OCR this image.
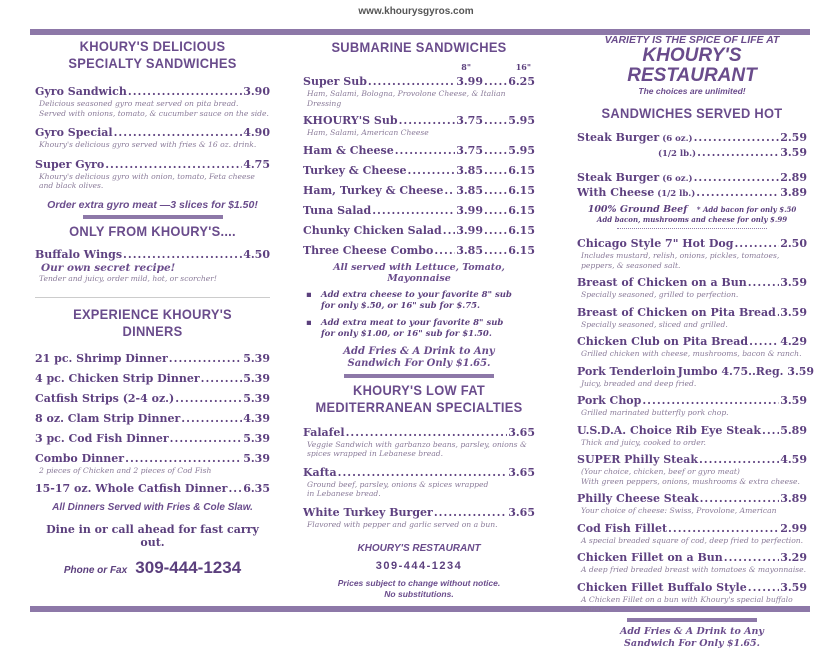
www.khourysgyros.com
KHOURY'S DELICIOUS
SPECIALTY SANDWICHES
Gyro Sandwich .....	3.90
Delicious seasoned gyro meat served on pita bread.
Served with onions, tomato, & cucumber sauce on the side.
Gyro Special .....	4.90
Khoury's delicious gyro served with fries & 16 oz. drink.
Super Gyro .....	4.75
Khoury's delicious gyro with onion, tomato, Feta cheese
and black olives.
Order extra gyro meat —3 slices for $1.50!
ONLY FROM KHOURY'S....
Buffalo Wings .....	4.50
Our own secret recipe!
Tender and juicy, order mild, hot, or scorcher!
EXPERIENCE KHOURY'S DINNERS
21 pc. Shrimp Dinner .....	5.39
4 pc. Chicken Strip Dinner .....	5.39
Catfish Strips (2-4 oz.) .....	5.39
8 oz. Clam Strip Dinner .....	4.39
3 pc. Cod Fish Dinner .....	5.39
Combo Dinner .....	5.39
2 pieces of Chicken and 2 pieces of Cod Fish
15-17 oz. Whole Catfish Dinner ..... 6.35
All Dinners Served with Fries & Cole Slaw.
Dine in or call ahead for fast carry out.
Phone or Fax 309-444-1234
SUBMARINE SANDWICHES
8"	16"
Super Sub .....	3.99 ..... 6.25
Ham, Salami, Bologna, Provolone Cheese, & Italian Dressing
KHOURY'S Sub .....	3.75 ..... 5.95
Ham, Salami, American Cheese
Ham & Cheese .....	3.75 ..... 5.95
Turkey & Cheese .....	3.85 ..... 6.15
Ham, Turkey & Cheese ..... 3.85 ..... 6.15
Tuna Salad .....	3.99 ..... 6.15
Chunky Chicken Salad ..... 3.99 ..... 6.15
Three Cheese Combo ..... 3.85 ..... 6.15
All served with Lettuce, Tomato, Mayonnaise
▪	Add extra cheese to your favorite 8" sub
for only $.50, or 16" sub for $.75.
▪	Add extra meat to your favorite 8" sub
for only $1.00, or 16" sub for $1.50.
Add Fries & A Drink to Any
Sandwich For Only $1.65.
KHOURY'S LOW FAT
MEDITERRANEAN SPECIALTIES
Falafel .....	3.65
Veggie Sandwich with garbanzo beans, parsley, onions &
spices wrapped in Lebanese bread.
Kafta .....	3.65
Ground beef, parsley, onions & spices wrapped
in Lebanese bread.
White Turkey Burger .....	3.65
Flavored with pepper and garlic served on a bun.
KHOURY'S RESTAURANT
309-444-1234
Prices subject to change without notice.
No substitutions.
VARIETY IS THE SPICE OF LIFE AT
KHOURY'S RESTAURANT
The choices are unlimited!
SANDWICHES SERVED HOT
Steak Burger (6 oz.) .....	2.59
(1/2 lb.) .....	3.59
Steak Burger (6 oz.) .....	2.89
With Cheese (1/2 lb.) .....	3.89
100% Ground Beef * Add bacon for only $.50
Add bacon, mushrooms and cheese for only $.99
Chicago Style 7" Hot Dog .....	2.50
Includes mustard, relish, onions, pickles, tomatoes,
peppers, & seasoned salt.
Breast of Chicken on a Bun .....	3.59
Specially seasoned, grilled to perfection.
Breast of Chicken on Pita Bread ..... 3.59
Specially seasoned, sliced and grilled.
Chicken Club on Pita Bread .....	4.29
Grilled chicken with cheese, mushrooms, bacon & ranch.
Pork Tenderloin Jumbo 4.75..Reg. 3.59
Juicy, breaded and deep fried.
Pork Chop .....	3.59
Grilled marinated butterfly pork chop.
U.S.D.A. Choice Rib Eye Steak ..... 5.89
Thick and juicy, cooked to order.
SUPER Philly Steak .....	4.59
(Your choice, chicken, beef or gyro meat)
With green peppers, onions, mushrooms & extra cheese.
Philly Cheese Steak .....	3.89
Your choice of cheese: Swiss, Provolone, American
Cod Fish Fillet .....	2.99
A special breaded square of cod, deep fried to perfection.
Chicken Fillet on a Bun .....	3.29
A deep fried breaded breast with tomatoes & mayonnaise.
Chicken Fillet Buffalo Style .....	3.59
A Chicken Fillet on a bun with Khoury's special buffalo sauce.
Add Fries & A Drink to Any
Sandwich For Only $1.65.
